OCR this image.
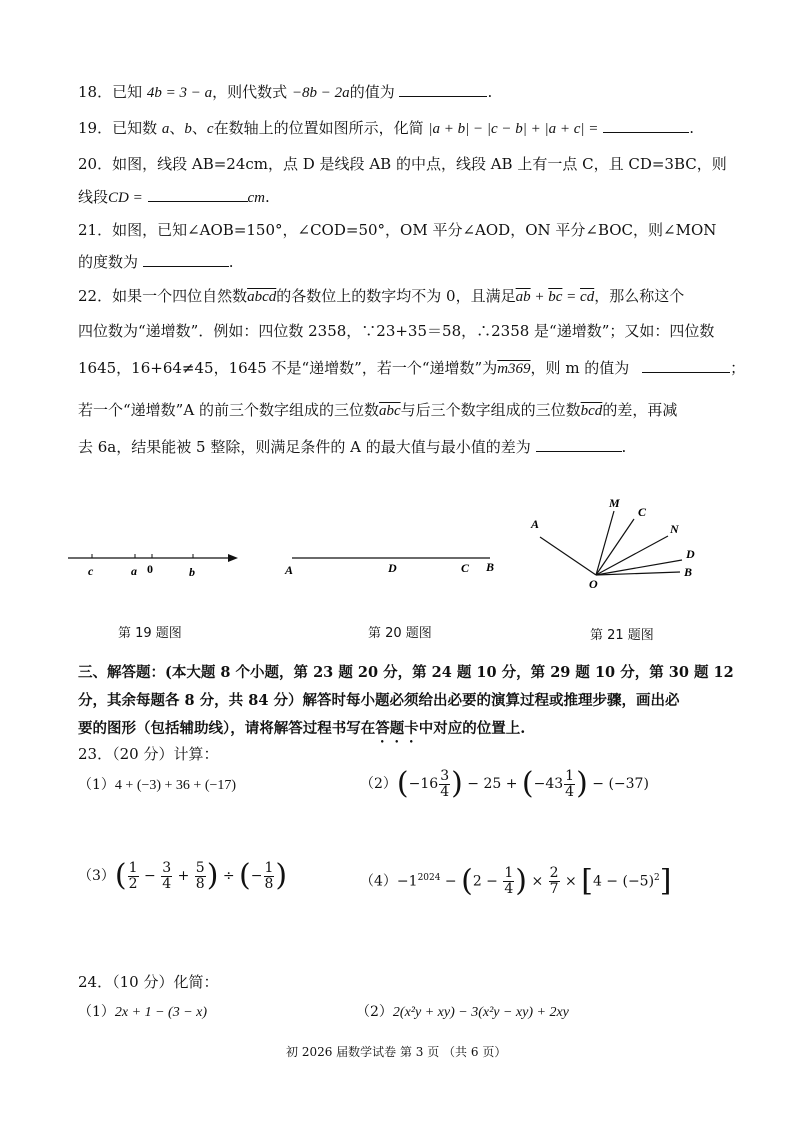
18．已知 4b = 3 − a，则代数式 −8b − 2a的值为	.
19．已知数 a、b、c在数轴上的位置如图所示，化简 |a + b| − |c − b| + |a + c| =	.
20．如图，线段 AB=24cm，点 D 是线段 AB 的中点，线段 AB 上有一点 C，且 CD=3BC，则
线段CD =	cm.
21．如图，已知∠AOB=150°，∠COD=50°，OM 平分∠AOD，ON 平分∠BOC，则∠MON
的度数为	.
22．如果一个四位自然数abcd的各数位上的数字均不为 0，且满足$\overline{ab} + \overline{bc} = \overline{cd}$，那么称这个
四位数为“递增数”．例如：四位数 2358，∵23+35＝58，∴2358 是“递增数”；又如：四位数
1645，16+64≠45，1645 不是“递增数”，若一个“递增数”为m369，则 m 的值为	；
若一个“递增数”A 的前三个数字组成的三位数$\overline{abc}$与后三个数字组成的三位数$\overline{bcd}$的差，再减
去 6a，结果能被 5 整除，则满足条件的 A 的最大值与最小值的差为	.
c	a 0	b
第 19 题图
A	D	C B
第 20 题图
A
M
C
N
D
B
O
第 21 题图
三、解答题：(本大题 8 个小题，第 23 题 20 分，第 24 题 10 分，第 29 题 10 分，第 30 题 12
分，其余每题各 8 分，共 84 分）解答时每小题必须给出必要的演算过程或推理步骤，画出必
要的图形（包括辅助线），请将解答过程书写在答题卡中对应的位置上.
23．（20 分）计算：
（1）4 + (−3) + 36 + (−17)	$(2)(-16 \frac{3}{4}$ ) − $25 + (-43 \frac{1}{4}$ ) − (−37)
$(3)( \frac{1}{2} - \frac{3}{4} + \frac{5}{8}$ ) ÷ (− $\frac{1}{8}$ )	$(4)-1^{2024} - (2 - \frac{1}{4}$ ) × $\frac{2}{7} \times [4 - (-5)^2]$
24．（10 分）化简：
（1）2x + 1 − (3 − x)	（2）2(x²y + xy) − 3(x²y − xy) + 2xy
初 2026 届数学试卷 第 3 页 （共 6 页）
